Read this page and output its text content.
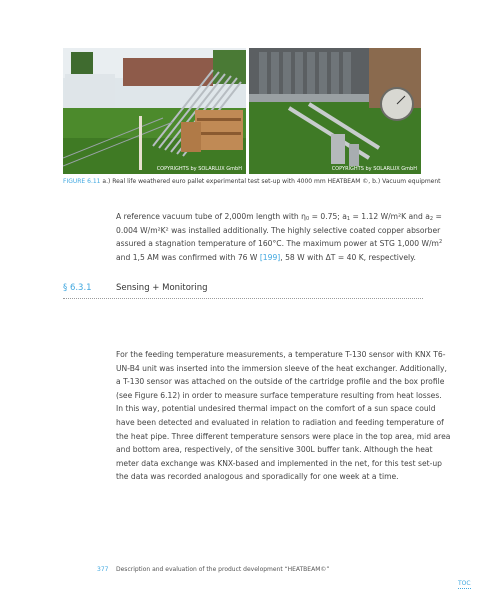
COPYRIGHTS by SOLARLUX GmbH	COPYRIGHTS by SOLARLUX GmbH
FIGURE 6.11 a.) Real life weathered euro pallet experimental test set-up with 4000 mm HEATBEAM ©, b.) Vacuum equipment
A reference vacuum tube of 2,000m length with $\eta_0 = 0.75$; $a_1 = 1.12$ W/m²K and $a_2$ =
0.004 W/m²K² was installed additionally. The highly selective coated copper absorber
assured a stagnation temperature of 160°C. The maximum power at STG 1,000 $W/m^2$
and 1,5 AM was confirmed with 76 W [199], 58 W with ΔT = 40 K, respectively.
§ 6.3.1	Sensing + Monitoring
For the feeding temperature measurements, a temperature T-130 sensor with KNX T6-
UN-B4 unit was inserted into the immersion sleeve of the heat exchanger. Additionally,
a T-130 sensor was attached on the outside of the cartridge profile and the box profile
(see Figure 6.12) in order to measure surface temperature resulting from heat losses.
In this way, potential undesired thermal impact on the comfort of a sun space could
have been detected and evaluated in relation to radiation and feeding temperature of
the heat pipe. Three different temperature sensors were place in the top area, mid area
and bottom area, respectively, of the sensitive 300L buffer tank. Although the heat
meter data exchange was KNX-based and implemented in the net, for this test set-up
the data was recorded analogous and sporadically for one week at a time.
377 Description and evaluation of the product development “HEATBEAM©”
TOC
